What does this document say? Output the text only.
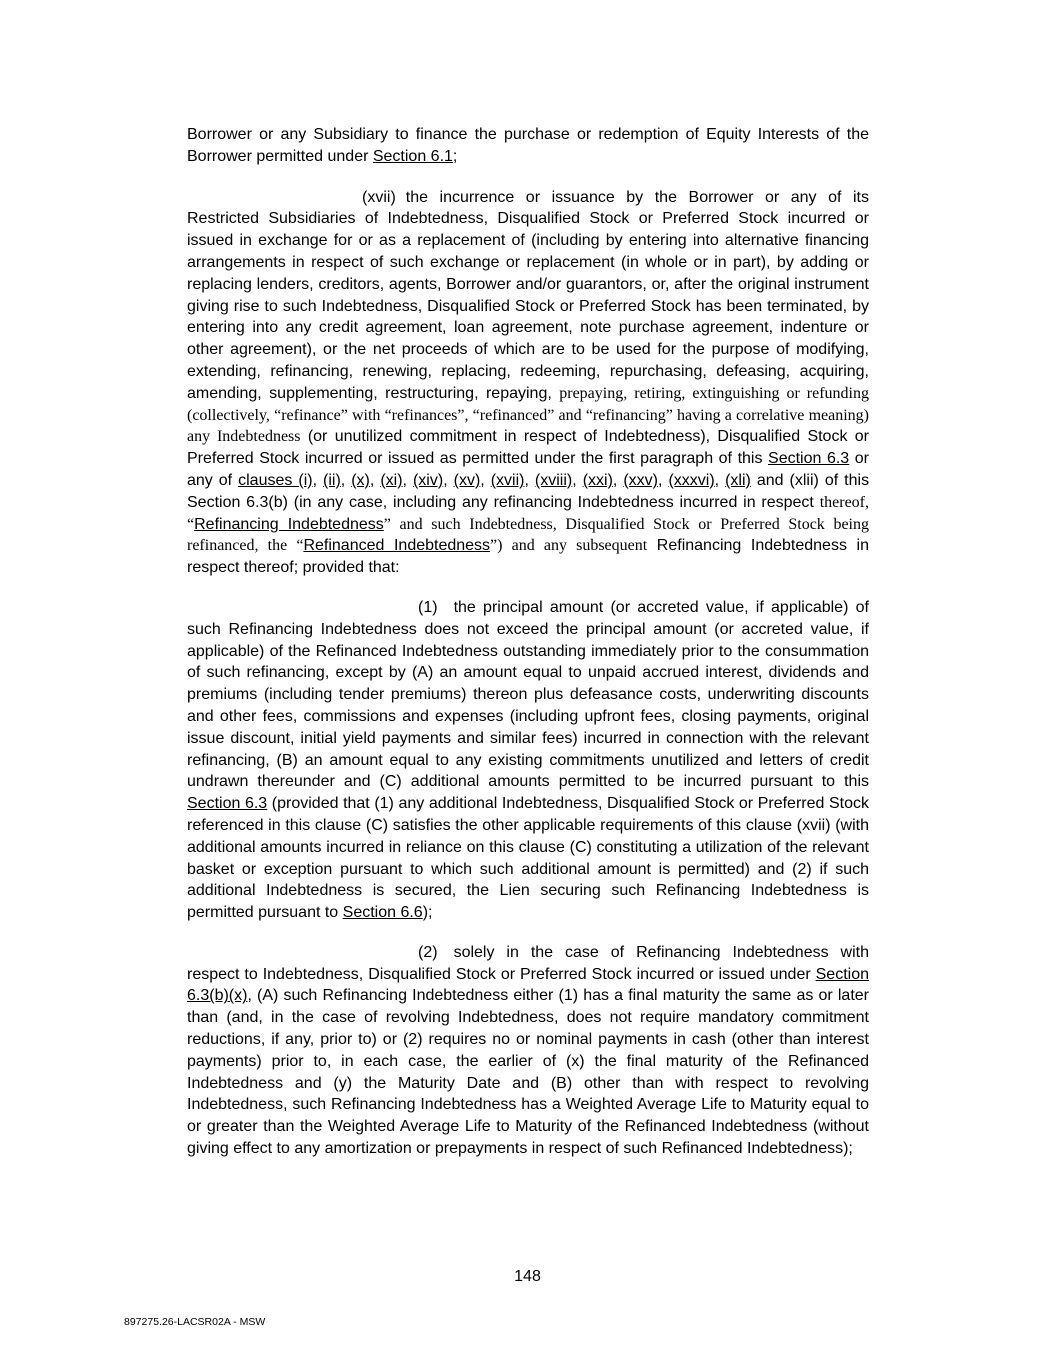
Borrower or any Subsidiary to finance the purchase or redemption of Equity Interests of the Borrower permitted under Section 6.1;

(xvii) the incurrence or issuance by the Borrower or any of its Restricted Subsidiaries of Indebtedness, Disqualified Stock or Preferred Stock incurred or issued in exchange for or as a replacement of (including by entering into alternative financing arrangements in respect of such exchange or replacement (in whole or in part), by adding or replacing lenders, creditors, agents, Borrower and/or guarantors, or, after the original instrument giving rise to such Indebtedness, Disqualified Stock or Preferred Stock has been terminated, by entering into any credit agreement, loan agreement, note purchase agreement, indenture or other agreement), or the net proceeds of which are to be used for the purpose of modifying, extending, refinancing, renewing, replacing, redeeming, repurchasing, defeasing, acquiring, amending, supplementing, restructuring, repaying, prepaying, retiring, extinguishing or refunding (collectively, “refinance” with “refinances”, “refinanced” and “refinancing” having a correlative meaning) any Indebtedness (or unutilized commitment in respect of Indebtedness), Disqualified Stock or Preferred Stock incurred or issued as permitted under the first paragraph of this Section 6.3 or any of clauses (i), (ii), (x), (xi), (xiv), (xv), (xvii), (xviii), (xxi), (xxv), (xxxvi), (xli) and (xlii) of this Section 6.3(b) (in any case, including any refinancing Indebtedness incurred in respect thereof, “Refinancing Indebtedness” and such Indebtedness, Disqualified Stock or Preferred Stock being refinanced, the “Refinanced Indebtedness”) and any subsequent Refinancing Indebtedness in respect thereof; provided that:

(1) the principal amount (or accreted value, if applicable) of such Refinancing Indebtedness does not exceed the principal amount (or accreted value, if applicable) of the Refinanced Indebtedness outstanding immediately prior to the consummation of such refinancing, except by (A) an amount equal to unpaid accrued interest, dividends and premiums (including tender premiums) thereon plus defeasance costs, underwriting discounts and other fees, commissions and expenses (including upfront fees, closing payments, original issue discount, initial yield payments and similar fees) incurred in connection with the relevant refinancing, (B) an amount equal to any existing commitments unutilized and letters of credit undrawn thereunder and (C) additional amounts permitted to be incurred pursuant to this Section 6.3 (provided that (1) any additional Indebtedness, Disqualified Stock or Preferred Stock referenced in this clause (C) satisfies the other applicable requirements of this clause (xvii) (with additional amounts incurred in reliance on this clause (C) constituting a utilization of the relevant basket or exception pursuant to which such additional amount is permitted) and (2) if such additional Indebtedness is secured, the Lien securing such Refinancing Indebtedness is permitted pursuant to Section 6.6);

(2) solely in the case of Refinancing Indebtedness with respect to Indebtedness, Disqualified Stock or Preferred Stock incurred or issued under Section 6.3(b)(x), (A) such Refinancing Indebtedness either (1) has a final maturity the same as or later than (and, in the case of revolving Indebtedness, does not require mandatory commitment reductions, if any, prior to) or (2) requires no or nominal payments in cash (other than interest payments) prior to, in each case, the earlier of (x) the final maturity of the Refinanced Indebtedness and (y) the Maturity Date and (B) other than with respect to revolving Indebtedness, such Refinancing Indebtedness has a Weighted Average Life to Maturity equal to or greater than the Weighted Average Life to Maturity of the Refinanced Indebtedness (without giving effect to any amortization or prepayments in respect of such Refinanced Indebtedness);

148
897275.26-LACSR02A - MSW
